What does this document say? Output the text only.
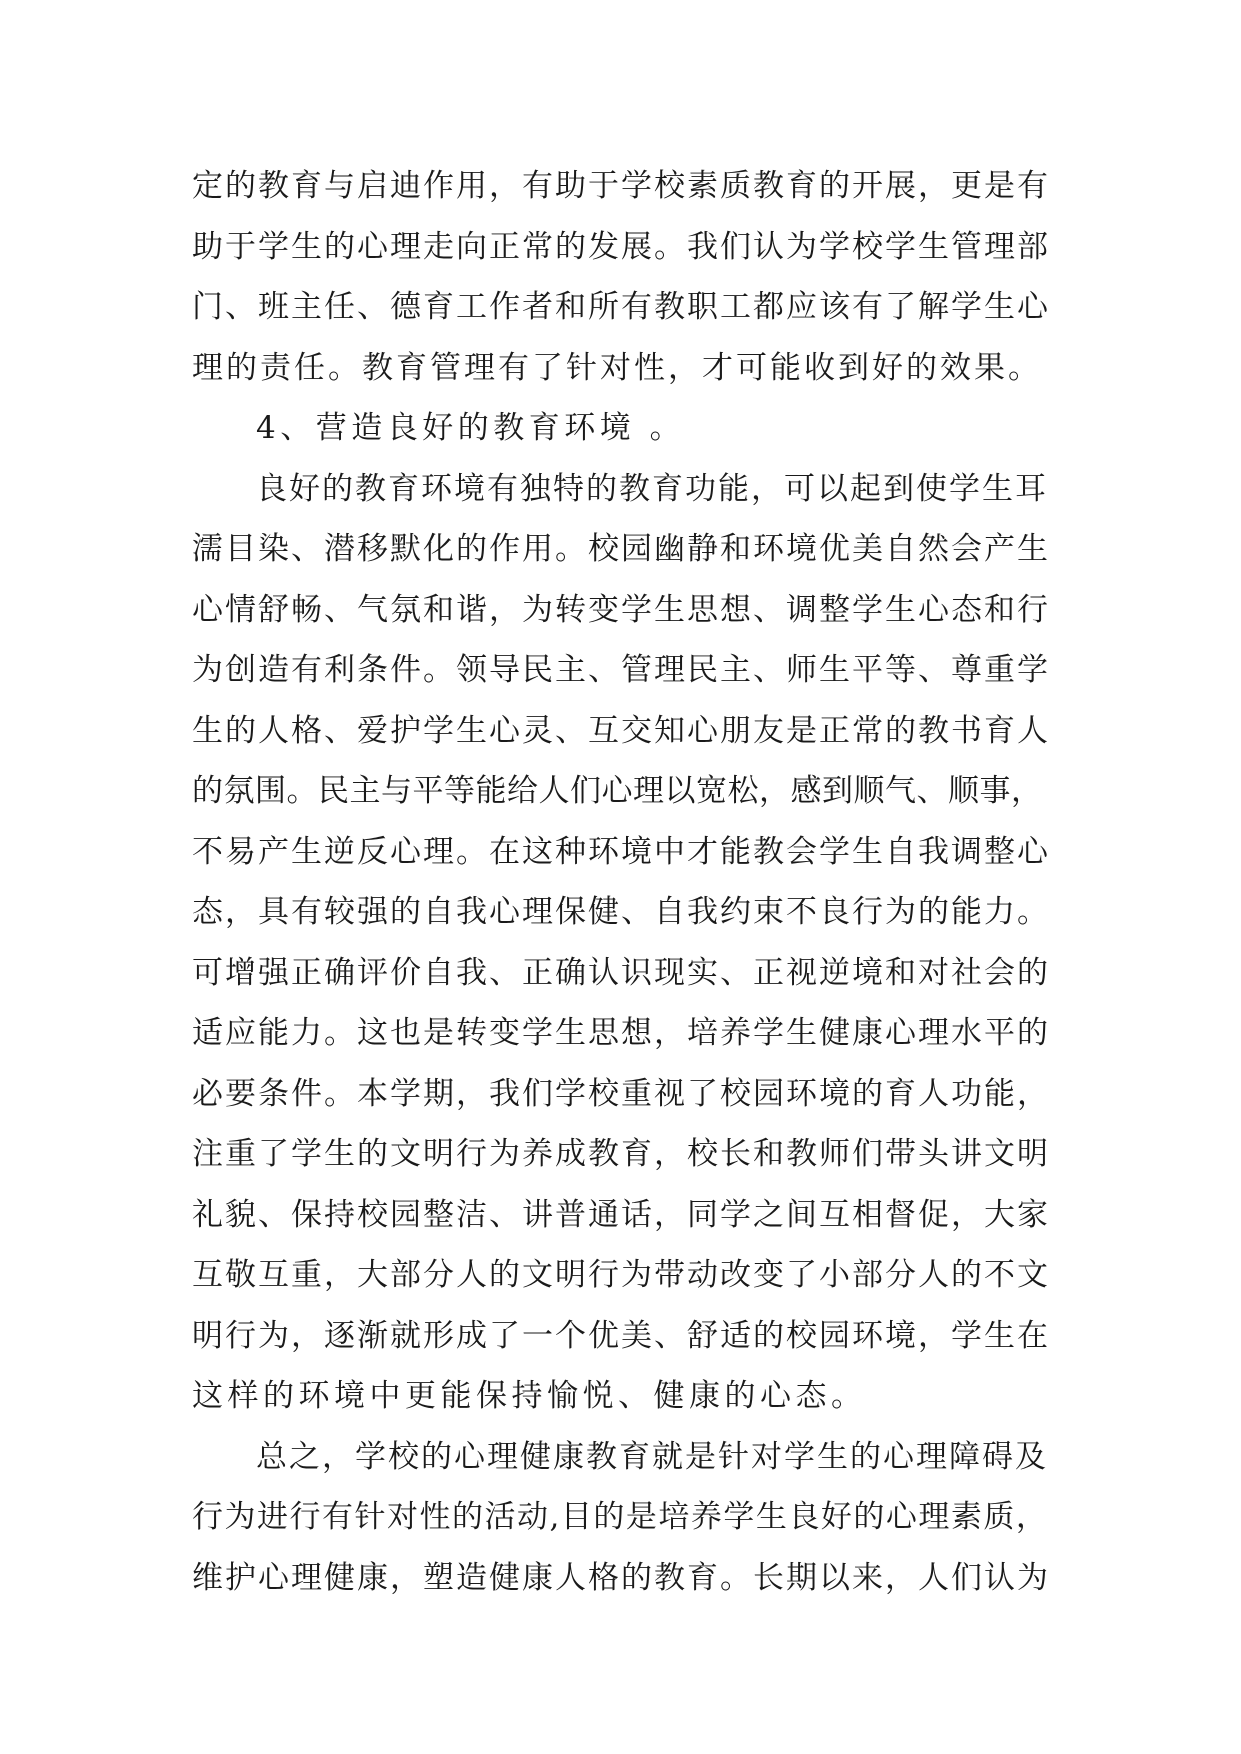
定的教育与启迪作用，有助于学校素质教育的开展，更是有
助于学生的心理走向正常的发展。我们认为学校学生管理部
门、班主任、德育工作者和所有教职工都应该有了解学生心
理的责任。教育管理有了针对性，才可能收到好的效果。
4、营造良好的教育环境 。
良好的教育环境有独特的教育功能，可以起到使学生耳
濡目染、潜移默化的作用。校园幽静和环境优美自然会产生
心情舒畅、气氛和谐，为转变学生思想、调整学生心态和行
为创造有利条件。领导民主、管理民主、师生平等、尊重学
生的人格、爱护学生心灵、互交知心朋友是正常的教书育人
的氛围。民主与平等能给人们心理以宽松，感到顺气、顺事，
不易产生逆反心理。在这种环境中才能教会学生自我调整心
态，具有较强的自我心理保健、自我约束不良行为的能力。
可增强正确评价自我、正确认识现实、正视逆境和对社会的
适应能力。这也是转变学生思想，培养学生健康心理水平的
必要条件。本学期，我们学校重视了校园环境的育人功能，
注重了学生的文明行为养成教育，校长和教师们带头讲文明
礼貌、保持校园整洁、讲普通话，同学之间互相督促，大家
互敬互重，大部分人的文明行为带动改变了小部分人的不文
明行为，逐渐就形成了一个优美、舒适的校园环境，学生在
这样的环境中更能保持愉悦、健康的心态。
总之，学校的心理健康教育就是针对学生的心理障碍及
行为进行有针对性的活动,目的是培养学生良好的心理素质，
维护心理健康，塑造健康人格的教育。长期以来，人们认为
